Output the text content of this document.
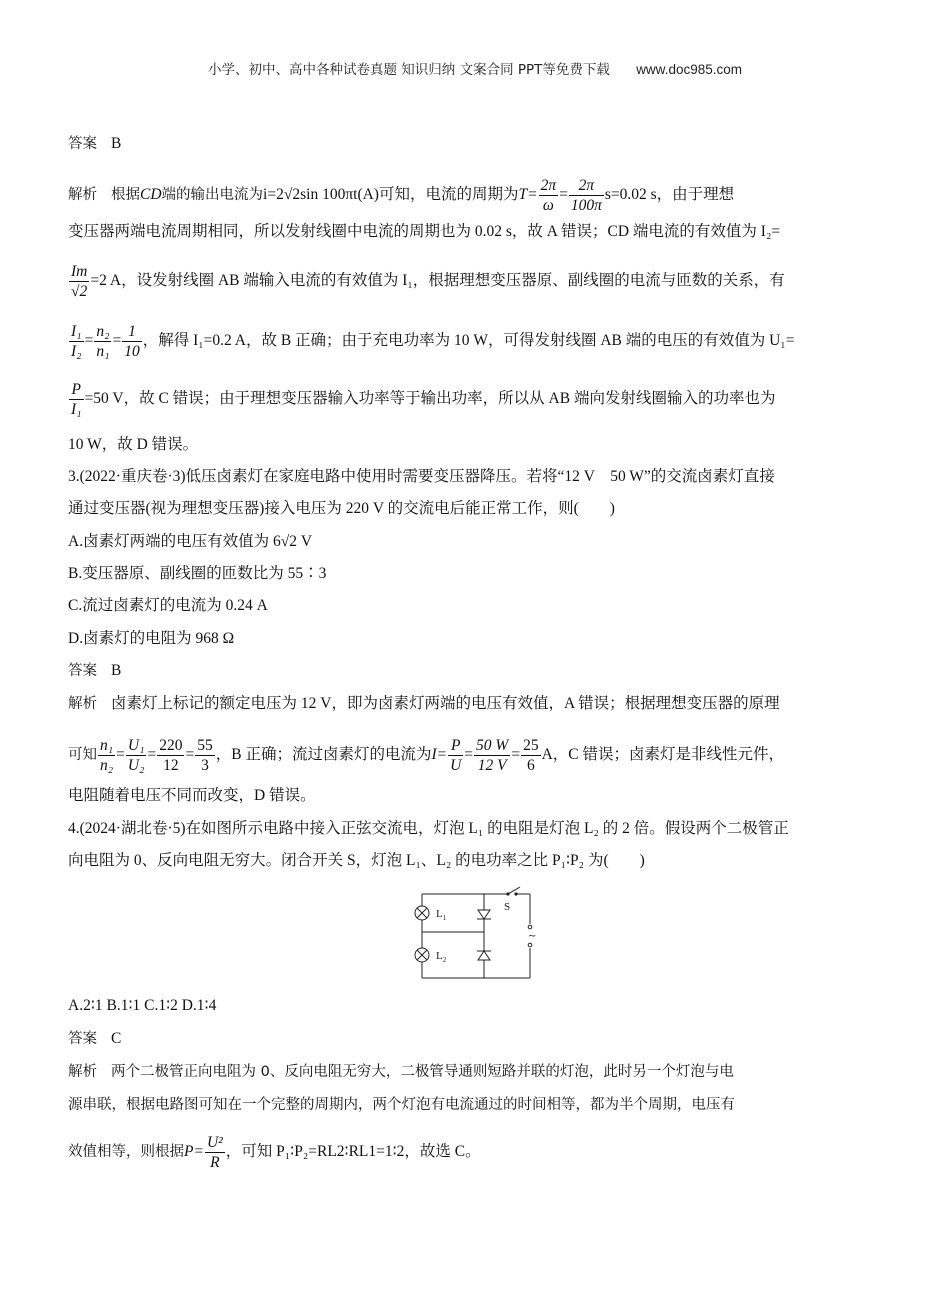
小学、初中、高中各种试卷真题 知识归纳 文案合同 PPT等免费下载 www.doc985.com
答案 B
解析 根据CD端的输出电流为i=2√2sin 100πt(A)可知，电流的周期为$T= \frac{2\pi}{\omega} = \frac{2\pi}{100\pi} s=0.02$ s，由于理想
变压器两端电流周期相同，所以发射线圈中电流的周期也为 0.02 s，故 A 错误；CD 端电流的有效值为 I₂=
$\frac{Im}{√2} =2$ A，设发射线圈 AB 端输入电流的有效值为 I₁，根据理想变压器原、副线圈的电流与匝数的关系，有
$\frac{\text{I₁}}{\text{I₂}} = \frac{\text{n₂}}{\text{n₁}} = \frac{1}{10}$ ，解得 I₁=0.2 A，故 B 正确；由于充电功率为 10 W，可得发射线圈 AB 端的电压的有效值为 U₁=
$\frac{P}{\text{I₁}} =50$ V，故 C 错误；由于理想变压器输入功率等于输出功率，所以从 AB 端向发射线圈输入的功率也为
10 W，故 D 错误。
3.(2022·重庆卷·3)低压卤素灯在家庭电路中使用时需要变压器降压。若将“12 V　50 W”的交流卤素灯直接
通过变压器(视为理想变压器)接入电压为 220 V 的交流电后能正常工作，则(　　)
A.卤素灯两端的电压有效值为 6√2 V
B.变压器原、副线圈的匝数比为 55∶3
C.流过卤素灯的电流为 0.24 A
D.卤素灯的电阻为 968 Ω
答案 B
解析 卤素灯上标记的额定电压为 12 V，即为卤素灯两端的电压有效值，A 错误；根据理想变压器的原理
可知 $\frac{\text{n₁}}{\text{n₂}} = \frac{\text{U₁}}{\text{U₂}} = \frac{220}{12} = \frac{55}{3}$ ，B 正确；流过卤素灯的电流为$I= \frac{P}{U} = \frac{50 W}{12 V} = \frac{25}{6}$ A，C 错误；卤素灯是非线性元件，
电阻随着电压不同而改变，D 错误。
4.(2024·湖北卷·5)在如图所示电路中接入正弦交流电，灯泡 L₁ 的电阻是灯泡 L₂ 的 2 倍。假设两个二极管正
向电阻为 0、反向电阻无穷大。闭合开关 S，灯泡 L₁、L₂ 的电功率之比 P₁∶P₂ 为(　　)
~
$L_1$
$L_2$
S
A.2∶1 B.1∶1 C.1∶2 D.1∶4
答案 C
解析 两个二极管正向电阻为 0、反向电阻无穷大，二极管导通则短路并联的灯泡，此时另一个灯泡与电
源串联，根据电路图可知在一个完整的周期内，两个灯泡有电流通过的时间相等，都为半个周期，电压有
效值相等，则根据$P= \frac{\text{U²}}{R}$ ，可知 P₁∶P₂=RL2∶RL1=1∶2，故选 C。
